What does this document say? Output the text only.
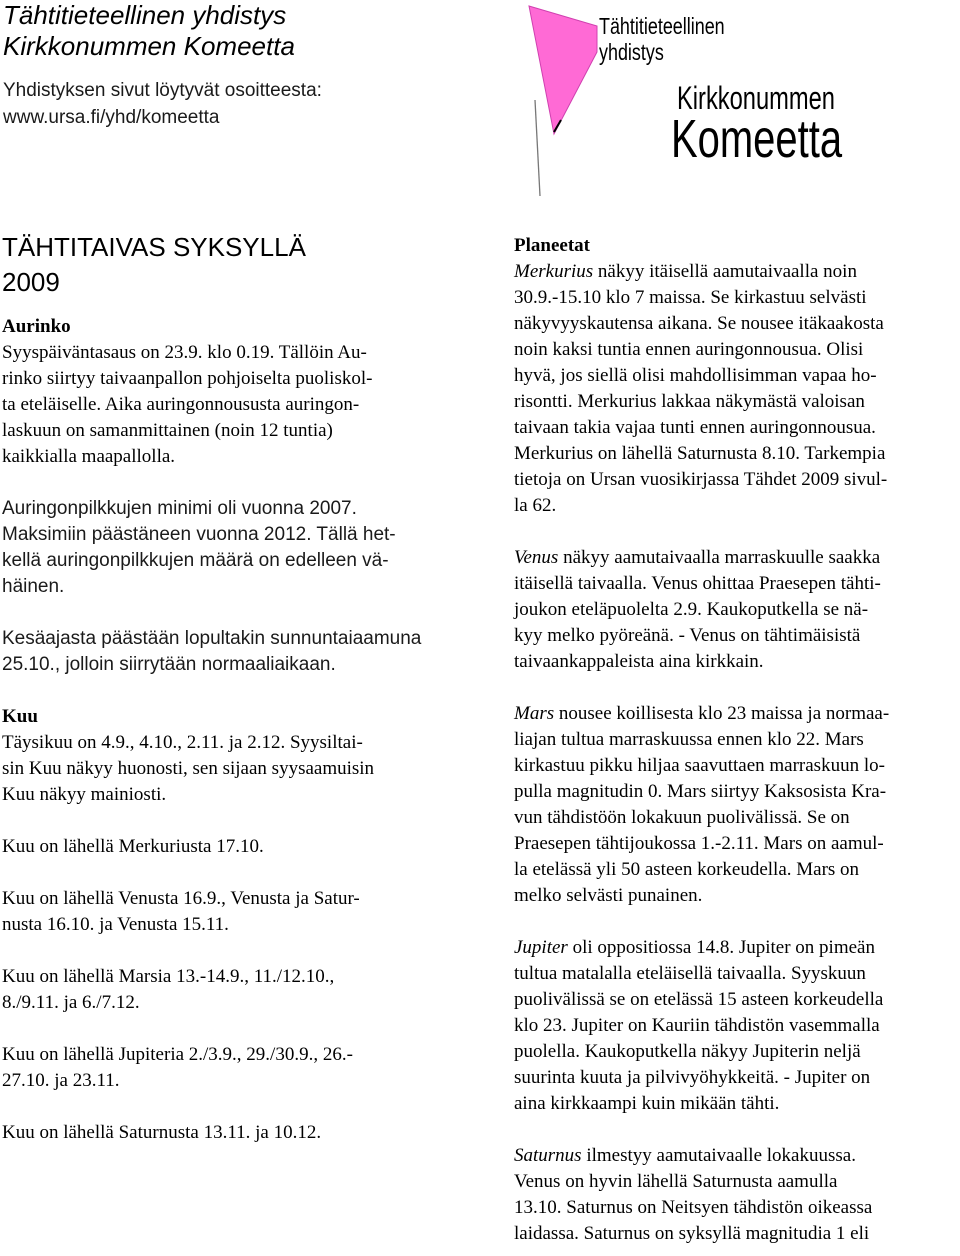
Tähtitieteellinen yhdistys
Kirkkonummen Komeetta
Yhdistyksen sivut löytyvät osoitteesta:
www.ursa.fi/yhd/komeetta
Tähtitieteellinen
yhdistys
Kirkkonummen
Komeetta
TÄHTITAIVAS SYKSYLLÄ
2009
Aurinko
Syyspäiväntasaus on 23.9. klo 0.19. Tällöin Au-
rinko siirtyy taivaanpallon pohjoiselta puoliskol-
ta eteläiselle. Aika auringonnoususta auringon-
laskuun on samanmittainen (noin 12 tuntia)
kaikkialla maapallolla.
Auringonpilkkujen minimi oli vuonna 2007.
Maksimiin päästäneen vuonna 2012. Tällä het-
kellä auringonpilkkujen määrä on edelleen vä-
häinen.
Kesäajasta päästään lopultakin sunnuntaiaamuna
25.10., jolloin siirrytään normaaliaikaan.
Kuu
Täysikuu on 4.9., 4.10., 2.11. ja 2.12. Syysiltai-
sin Kuu näkyy huonosti, sen sijaan syysaamuisin
Kuu näkyy mainiosti.
Kuu on lähellä Merkuriusta 17.10.
Kuu on lähellä Venusta 16.9., Venusta ja Satur-
nusta 16.10. ja Venusta 15.11.
Kuu on lähellä Marsia 13.-14.9., 11./12.10.,
8./9.11. ja 6./7.12.
Kuu on lähellä Jupiteria 2./3.9., 29./30.9., 26.-
27.10. ja 23.11.
Kuu on lähellä Saturnusta 13.11. ja 10.12.
Planeetat
Merkurius näkyy itäisellä aamutaivaalla noin
30.9.-15.10 klo 7 maissa. Se kirkastuu selvästi
näkyvyyskautensa aikana. Se nousee itäkaakosta
noin kaksi tuntia ennen auringonnousua. Olisi
hyvä, jos siellä olisi mahdollisimman vapaa ho-
risontti. Merkurius lakkaa näkymästä valoisan
taivaan takia vajaa tunti ennen auringonnousua.
Merkurius on lähellä Saturnusta 8.10. Tarkempia
tietoja on Ursan vuosikirjassa Tähdet 2009 sivul-
la 62.
Venus näkyy aamutaivaalla marraskuulle saakka
itäisellä taivaalla. Venus ohittaa Praesepen tähti-
joukon eteläpuolelta 2.9. Kaukoputkella se nä-
kyy melko pyöreänä. - Venus on tähtimäisistä
taivaankappaleista aina kirkkain.
Mars nousee koillisesta klo 23 maissa ja normaa-
liajan tultua marraskuussa ennen klo 22. Mars
kirkastuu pikku hiljaa saavuttaen marraskuun lo-
pulla magnitudin 0. Mars siirtyy Kaksosista Kra-
vun tähdistöön lokakuun puolivälissä. Se on
Praesepen tähtijoukossa 1.-2.11. Mars on aamul-
la etelässä yli 50 asteen korkeudella. Mars on
melko selvästi punainen.
Jupiter oli oppositiossa 14.8. Jupiter on pimeän
tultua matalalla eteläisellä taivaalla. Syyskuun
puolivälissä se on etelässä 15 asteen korkeudella
klo 23. Jupiter on Kauriin tähdistön vasemmalla
puolella. Kaukoputkella näkyy Jupiterin neljä
suurinta kuuta ja pilvivyöhykkeitä. - Jupiter on
aina kirkkaampi kuin mikään tähti.
Saturnus ilmestyy aamutaivaalle lokakuussa.
Venus on hyvin lähellä Saturnusta aamulla
13.10. Saturnus on Neitsyen tähdistön oikeassa
laidassa. Saturnus on syksyllä magnitudia 1 eli
